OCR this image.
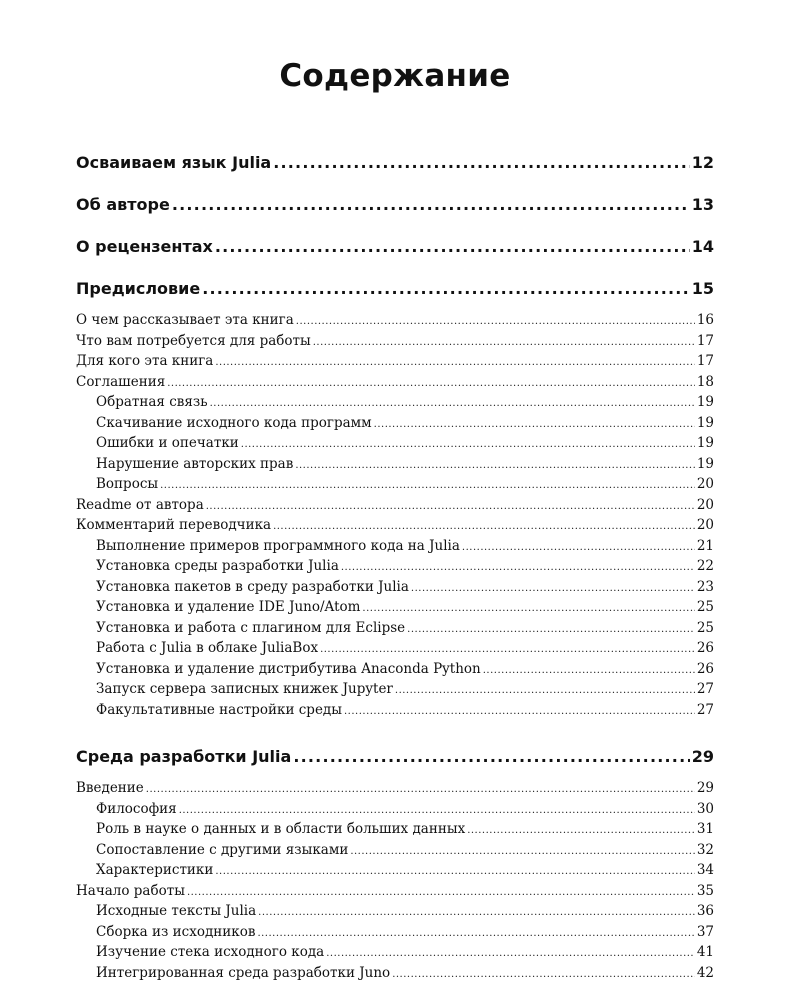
Содержание
Осваиваем язык Julia .....	12
Об авторе .....	13
О рецензентах .....	14
Предисловие .....	15
О чем рассказывает эта книга .....	16
Что вам потребуется для работы .....	17
Для кого эта книга .....	17
Соглашения .....	18
Обратная связь .....	19
Скачивание исходного кода программ .....	19
Ошибки и опечатки .....	19
Нарушение авторских прав .....	19
Вопросы .....	20
Readme от автора .....	20
Комментарий переводчика .....	20
Выполнение примеров программного кода на Julia .....	21
Установка среды разработки Julia .....	22
Установка пакетов в среду разработки Julia .....	23
Установка и удаление IDE Juno/Atom .....	25
Установка и работа с плагином для Eclipse .....	25
Работа с Julia в облаке JuliaBox .....	26
Установка и удаление дистрибутива Anaconda Python .....	26
Запуск сервера записных книжек Jupyter .....	27
Факультативные настройки среды .....	27
Среда разработки Julia .....	29
Введение .....	29
Философия .....	30
Роль в науке о данных и в области больших данных .....	31
Сопоставление с другими языками .....	32
Характеристики .....	34
Начало работы .....	35
Исходные тексты Julia .....	36
Сборка из исходников .....	37
Изучение стека исходного кода .....	41
Интегрированная среда разработки Juno .....	42
